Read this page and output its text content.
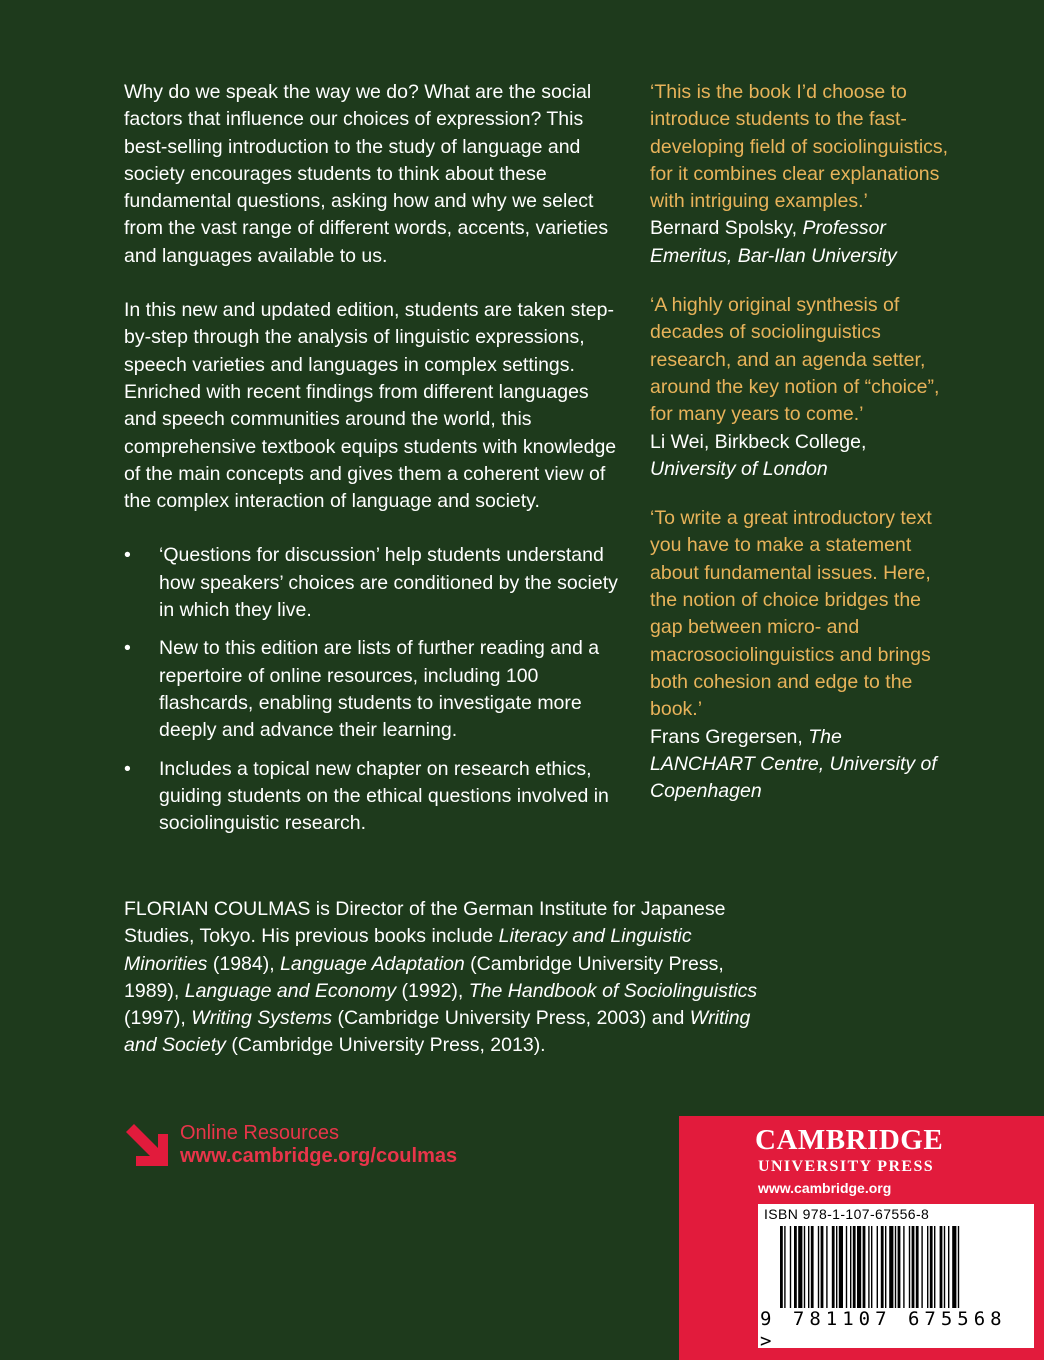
Why do we speak the way we do? What are the social factors that influence our choices of expression? This best-selling introduction to the study of language and society encourages students to think about these fundamental questions, asking how and why we select from the vast range of different words, accents, varieties and languages available to us.

In this new and updated edition, students are taken step-by-step through the analysis of linguistic expressions, speech varieties and languages in complex settings. Enriched with recent findings from different languages and speech communities around the world, this comprehensive textbook equips students with knowledge of the main concepts and gives them a coherent view of the complex interaction of language and society.

• ‘Questions for discussion’ help students understand how speakers’ choices are conditioned by the society in which they live.
• New to this edition are lists of further reading and a repertoire of online resources, including 100 flashcards, enabling students to investigate more deeply and advance their learning.
• Includes a topical new chapter on research ethics, guiding students on the ethical questions involved in sociolinguistic research.
‘This is the book I’d choose to introduce students to the fast-developing field of sociolinguistics, for it combines clear explanations with intriguing examples.’
Bernard Spolsky, Professor Emeritus, Bar-Ilan University
‘A highly original synthesis of decades of sociolinguistics research, and an agenda setter, around the key notion of “choice”, for many years to come.’
Li Wei, Birkbeck College, University of London
‘To write a great introductory text you have to make a statement about fundamental issues. Here, the notion of choice bridges the gap between micro- and macrosociolinguistics and brings both cohesion and edge to the book.’
Frans Gregersen, The LANCHART Centre, University of Copenhagen
FLORIAN COULMAS is Director of the German Institute for Japanese Studies, Tokyo. His previous books include Literacy and Linguistic Minorities (1984), Language Adaptation (Cambridge University Press, 1989), Language and Economy (1992), The Handbook of Sociolinguistics (1997), Writing Systems (Cambridge University Press, 2003) and Writing and Society (Cambridge University Press, 2013).
Online Resources
www.cambridge.org/coulmas	CAMBRIDGE
UNIVERSITY PRESS
www.cambridge.org
ISBN 978-1-107-67556-8
9 781107 675568 >
